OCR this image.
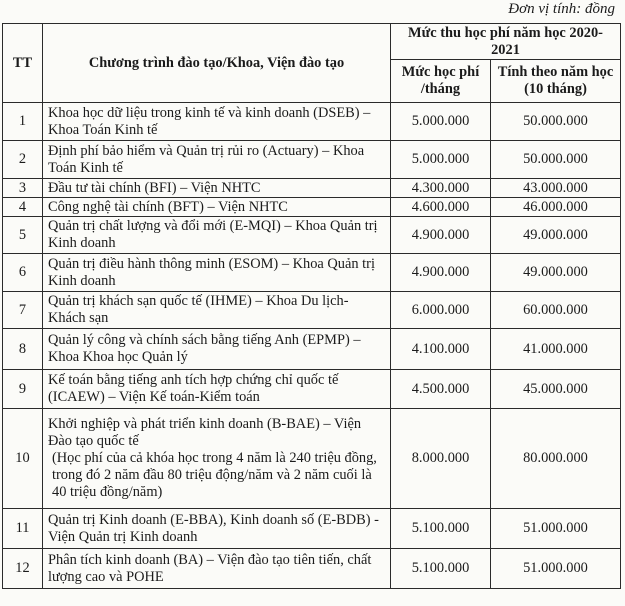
Đơn vị tính: đồng
TT	Chương trình đào tạo/Khoa, Viện đào tạo	Mức thu học phí năm học 2020-2021	
		Mức học phí /tháng	Tính theo năm học (10 tháng)
1	Khoa học dữ liệu trong kinh tế và kinh doanh (DSEB) – Khoa Toán Kinh tế	5.000.000	50.000.000
2	Định phí bảo hiểm và Quản trị rủi ro (Actuary) – Khoa Toán Kinh tế	5.000.000	50.000.000
3	Đầu tư tài chính (BFI) – Viện NHTC	4.300.000	43.000.000
4	Công nghệ tài chính (BFT) – Viện NHTC	4.600.000	46.000.000
5	Quản trị chất lượng và đổi mới (E-MQI) – Khoa Quản trị Kinh doanh	4.900.000	49.000.000
6	Quản trị điều hành thông minh (ESOM) – Khoa Quản trị Kinh doanh	4.900.000	49.000.000
7	Quản trị khách sạn quốc tế (IHME) – Khoa Du lịch-Khách sạn	6.000.000	60.000.000
8	Quản lý công và chính sách bằng tiếng Anh (EPMP) – Khoa Khoa học Quản lý	4.100.000	41.000.000
9	Kế toán bằng tiếng anh tích hợp chứng chỉ quốc tế (ICAEW) – Viện Kế toán-Kiểm toán	4.500.000	45.000.000
10	Khởi nghiệp và phát triển kinh doanh (B-BAE) – Viện Đào tạo quốc tế
(Học phí của cả khóa học trong 4 năm là 240 triệu đồng, trong đó 2 năm đầu 80 triệu động/năm và 2 năm cuối là 40 triệu đồng/năm)	8.000.000	80.000.000
11	Quản trị Kinh doanh (E-BBA), Kinh doanh số (E-BDB) - Viện Quản trị Kinh doanh	5.100.000	51.000.000
12	Phân tích kinh doanh (BA) – Viện đào tạo tiên tiến, chất lượng cao và POHE	5.100.000	51.000.000
